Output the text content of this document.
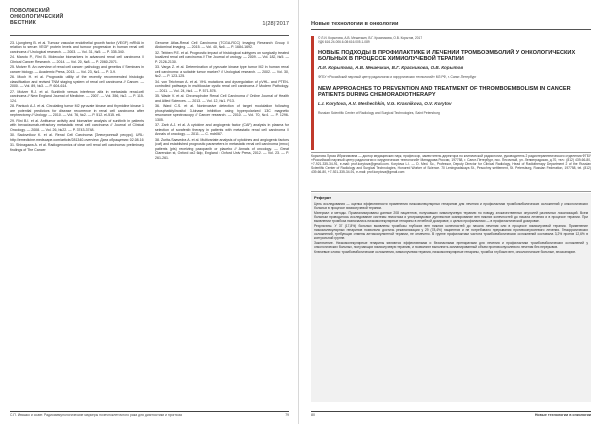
ПОВОЛЖСКИЙ
ОНКОЛОГИЧЕСКИЙ
ВЕСТНИК	1(28)'2017

23. Ljungberg B. et al. Tumour vascular endothelial growth factor (VEGF) mRNA in relation to serum VEGF protein levels and tumour progression in human renal cell carcinoma // Urological research. — 2003. — Vol. 31, №5. — P. 335-340.

24. Maroto P., Rini B. Molecular biomarkers in advanced renal cell carcinoma // Clinical Cancer Research. — 2014. — Vol. 20, №8. — P. 2060-2071.

25. Motzer R. An overview of renal cell cancer: pathology and genetics // Seminars in cancer biology. — Academic Press, 2013. — Vol. 23, №1. — P. 3-9.

26. Moch H. et al. Prognostic utility of the recently recommended histologic classification and revised TNM staging system of renal cell carcinoma // Cancer. — 2000. — Vol. 89, №3. — P. 604-614.

27. Motzer R.J. et al. Sunitinib versus interferon alfa in metastatic renal-cell carcinoma // New England Journal of Medicine. — 2007. — Vol. 356, №2. — P. 115-124.

28. Pantuck A.J. et al. Circulating tumor M2 pyruvate kinase and thymidine kinase 1 are potential predictors for disease recurrence in renal cell carcinoma after nephrectomy // Urology. — 2010. — Vol. 76, №2. — P. 512. el-515. e6.

29. Rini B.I. et al. Antitumor activity and biomarker analysis of sunitinib in patients with bevacizumab-refractory metastatic renal cell carcinoma // Journal of Clinical Oncology. — 2008. — Vol. 26, №22. — P. 3743-3748.

30. Sadovnikov K. et al. Renal Cell Carcinoma [Электронный ресурс]. URL: http://emedicine.medscape.com/article/281340-overview. Дата обращения: 02.08.16

31. Shinagawa A. et al. Radiogenomics of clear cell renal cell carcinoma: preliminary findings of The Cancer

Genome Atlas-Renal Cell Carcinoma (TCGA-RCC) Imaging Research Group // Abdominal imaging. — 2015. — Vol. 40, №6. — P. 1684-1692.

32. Tebben P.E. et al. Prognostic impact of histological subtypes on surgically treated localized renal cell carcinoma // The Journal of urology. — 2009. — Vol. 182, №5. — P. 2126-2130.

33. Varga Z. et al. Determination of pyruvate kinase type tumor M2 in human renal cell carcinoma: a suitable tumor marker? // Urological research. — 2002. — Vol. 30, №2. — P. 123-125.

34. von Teichman A. et al. VHL mutations and dysregulation of pVHL- and PTEN-controlled pathways in multilocular cystic renal cell carcinoma // Modern Pathology. — 2011. — Vol. 24, №4. — P. 571-578.

35. Wade V. et al. Chromophobe Renal Cell Carcinoma // Online Journal of Health and Allied Sciences. — 2013. — Vol. 12, №1. Р.13.

36. Ward C.S. et al. Noninvasive detection of target modulation following phosphatidylinositol 3-kinase inhibition using hyperpolarized 13C magnetic resonance spectroscopy // Cancer research. — 2010. — Vol. 70, №4. — P. 1296-1305.

37. Zarb A.J. et al. A cytokine and angiogenic factor (CAF) analysis in plasma for selection of sorafenib therapy in patients with metastatic renal cell carcinoma // Annals of oncology. — 2011. — C. mdr067.

38. Zurita-Saavedra A. et al. Multivariate analysis of cytokines and angiogenic factors (caf) and established prognostic parameters in metastatic renal cell carcinoma (mrcc) patients (pts) receiving pazopanib or placebo // Annals of oncology. — Great Clarendon st, Oxford ox2 6dp, England : Oxford Univ Press, 2012. — Vol. 23. — P. 261-261.

С.П. Ивашко и соавт. Радиоиммунологические маркеры почечноклеточного рака для диагностики и прогноза	79
Новые технологии в онкологии
© Л.И. Корытова, А.В. Мешечкин, В.Г. Красникова, О.В. Корытов, 2017
УДК 616.24-006.6-08:616.005.1-089
НОВЫЕ ПОДХОДЫ В ПРОФИЛАКТИКЕ И ЛЕЧЕНИИ ТРОМБОЭМБОЛИЙ У ОНКОЛОГИЧЕСКИХ БОЛЬНЫХ В ПРОЦЕССЕ ХИМИОЛУЧЕВОЙ ТЕРАПИИ
Л.И. Корытова, А.В. Мешечкин, В.Г. Красникова, О.В. Корытов
ФГБУ «Российский научный центр радиологии и хирургических технологий» МЗ РФ, г. Санкт-Петербург
NEW APPROACHES TO PREVENTION AND TREATMENT OF THROMBOEMBOLISM IN CANCER PATIENTS DURING CHEMORADIOTHERAPY
L.I. Korytova, A.V. Meshechkin, V.G. Krasnikova, O.V. Korytov
Russian Scientific Center of Radiology and Surgical Technologies, Saint Petersburg
Корытова Луиза Ибрагимовна — доктор медицинских наук, профессор, заместитель директора по клинической радиологии, руководитель 2 радиотерапевтического отделения ФГБУ «Российский научный центр радиологии и хирургических технологий» Минздрава России, 197758, г. Санкт-Петербург, пос. Песочный, ул. Ленинградская, д.70, тел.: (812) 439-66-80, +7-921-335-34-91, e-mail: prof.korytova@gmail.com. Korytova L.I. — D. Med. Sc., Professor, Deputy Director for Clinical Radiology, Head of Radiotherapy Department 2 of the Russian Scientific Center of Radiology and Surgical Technologies, Honored Worker of Science. 70 Leningradskaya St., Pesochny settlement, St. Petersburg, Russian Federation, 197758, tel. (812) 439-66-80, +7-921-335-34-91, e-mail: prof.korytova@gmail.com
Реферат

Цель исследования — оценка эффективности применения низкомолекулярных гепаринов для лечения и профилактики тромбоэмболических осложнений у онкологических больных в процессе химиолучевой терапии.

Материал и методы. Проанализированы данные 208 пациентов, получавших химиолучевую терапию по поводу злокачественных опухолей различных локализаций. Всем больным проводилось исследование системы гемостаза и ультразвуковое дуплексное сканирование вен нижних конечностей до начала лечения и в процессе терапии. При выявлении тромбоза назначались низкомолекулярные гепарины в лечебной дозировке, с целью профилактики — в профилактической дозировке.

Результаты. У 37 (17,8%) больных выявлены тромбозы глубоких вен нижних конечностей до начала лечения или в процессе химиолучевой терапии. Применение низкомолекулярных гепаринов позволило достичь реканализации у 29 (78,4%) пациентов и не потребовало прерывания противоопухолевого лечения. Геморрагических осложнений, требующих отмены антикоагулянтной терапии, не отмечено. В группе профилактики частота тромбоэмболических осложнений составила 3,2% против 12,6% в контрольной группе.

Заключение. Низкомолекулярные гепарины являются эффективными и безопасными препаратами для лечения и профилактики тромбоэмболических осложнений у онкологических больных, получающих химиолучевую терапию, и позволяют выполнить запланированный объем противоопухолевого лечения без перерывов.

Ключевые слова: тромбоэмболические осложнения, химиолучевая терапия, низкомолекулярные гепарины, тромбоз глубоких вен, онкологические больные, эноксапарин.

80	Новые технологии в онкологии
